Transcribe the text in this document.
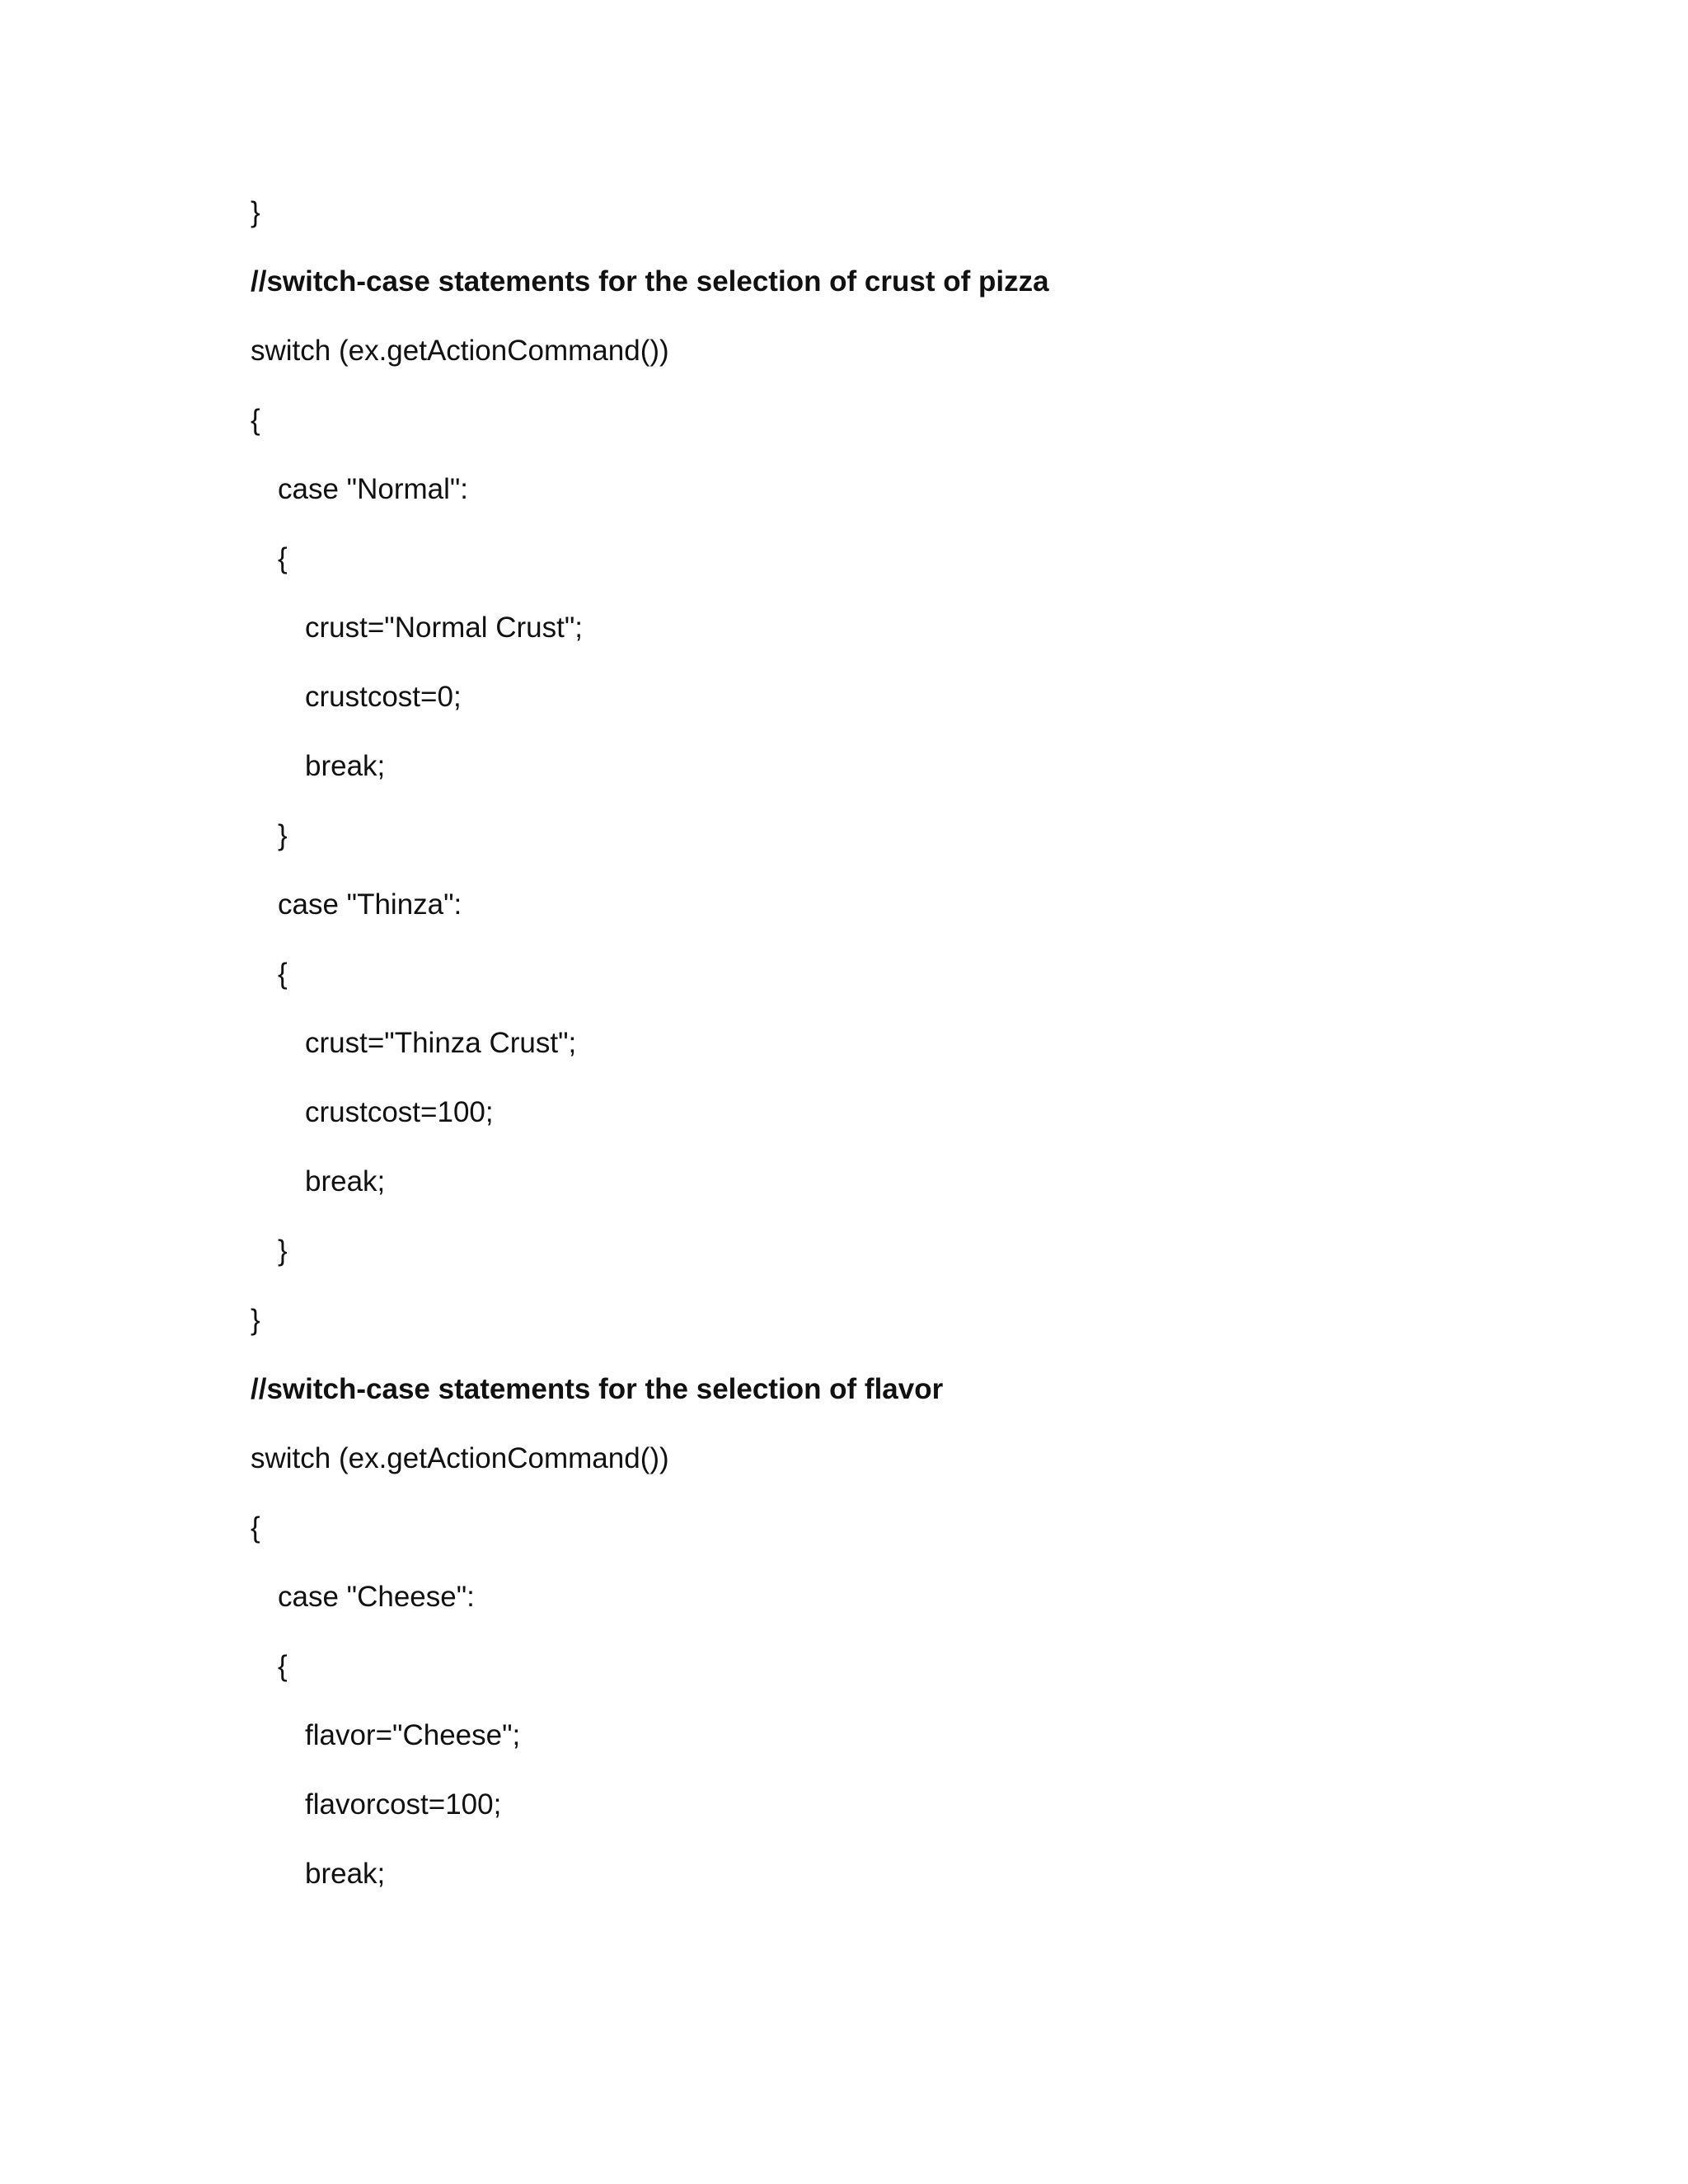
}
//switch-case statements for the selection of crust of pizza
switch (ex.getActionCommand())
{
case "Normal":
{
crust="Normal Crust";
crustcost=0;
break;
}
case "Thinza":
{
crust="Thinza Crust";
crustcost=100;
break;
}
}
//switch-case statements for the selection of flavor
switch (ex.getActionCommand())
{
case "Cheese":
{
flavor="Cheese";
flavorcost=100;
break;
